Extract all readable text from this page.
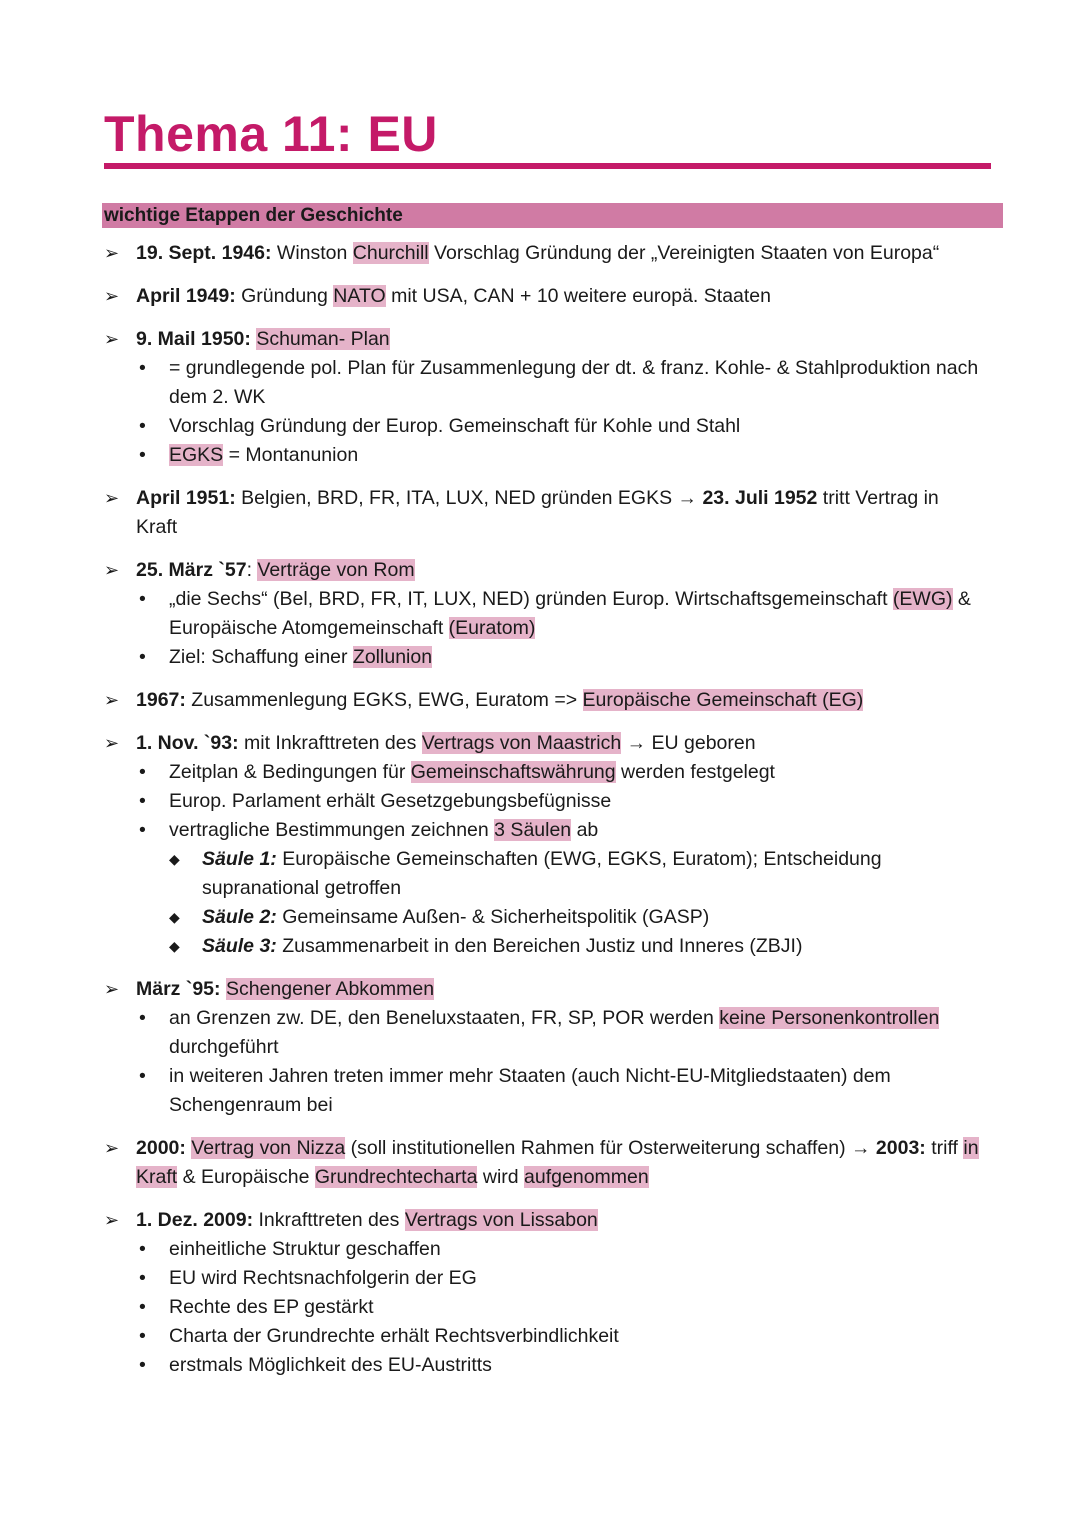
Thema 11: EU
wichtige Etappen der Geschichte
➢ 19. Sept. 1946: Winston Churchill Vorschlag Gründung der „Vereinigten Staaten von Europa“
➢ April 1949: Gründung NATO mit USA, CAN + 10 weitere europä. Staaten
➢ 9. Mail 1950: Schuman- Plan
• = grundlegende pol. Plan für Zusammenlegung der dt. & franz. Kohle- & Stahlproduktion nach dem 2. WK
• Vorschlag Gründung der Europ. Gemeinschaft für Kohle und Stahl
• EGKS = Montanunion
➢ April 1951: Belgien, BRD, FR, ITA, LUX, NED gründen EGKS → 23. Juli 1952 tritt Vertrag in Kraft
➢ 25. März `57: Verträge von Rom
• „die Sechs“ (Bel, BRD, FR, IT, LUX, NED) gründen Europ. Wirtschaftsgemeinschaft (EWG) & Europäische Atomgemeinschaft (Euratom)
• Ziel: Schaffung einer Zollunion
➢ 1967: Zusammenlegung EGKS, EWG, Euratom => Europäische Gemeinschaft (EG)
➢ 1. Nov. `93: mit Inkrafttreten des Vertrags von Maastrich → EU geboren
• Zeitplan & Bedingungen für Gemeinschaftswährung werden festgelegt
• Europ. Parlament erhält Gesetzgebungsbefügnisse
• vertragliche Bestimmungen zeichnen 3 Säulen ab
◆ Säule 1: Europäische Gemeinschaften (EWG, EGKS, Euratom); Entscheidung supranational getroffen
◆ Säule 2: Gemeinsame Außen- & Sicherheitspolitik (GASP)
◆ Säule 3: Zusammenarbeit in den Bereichen Justiz und Inneres (ZBJI)
➢ März `95: Schengener Abkommen
• an Grenzen zw. DE, den Beneluxstaaten, FR, SP, POR werden keine Personenkontrollen durchgeführt
• in weiteren Jahren treten immer mehr Staaten (auch Nicht-EU-Mitgliedstaaten) dem Schengenraum bei
➢ 2000: Vertrag von Nizza (soll institutionellen Rahmen für Osterweiterung schaffen) → 2003: triff in Kraft & Europäische Grundrechtecharta wird aufgenommen
➢ 1. Dez. 2009: Inkrafttreten des Vertrags von Lissabon
• einheitliche Struktur geschaffen
• EU wird Rechtsnachfolgerin der EG
• Rechte des EP gestärkt
• Charta der Grundrechte erhält Rechtsverbindlichkeit
• erstmals Möglichkeit des EU-Austritts
